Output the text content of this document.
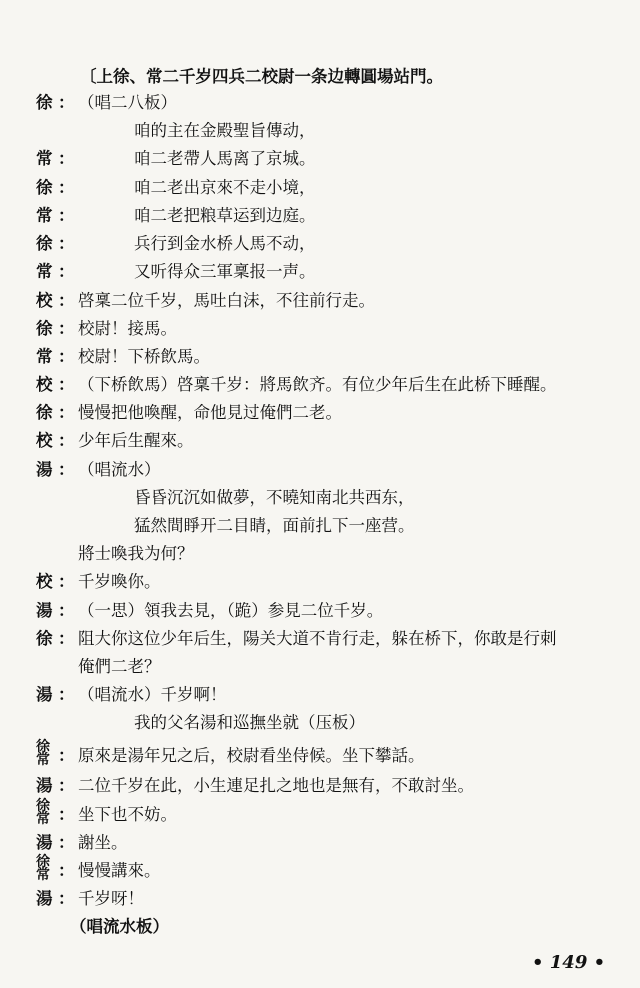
〔上徐、常二千岁四兵二校尉一条边轉圓場站門。
徐 ： （唱二八板）
咱的主在金殿聖旨傳动，
常 ：	咱二老帶人馬离了京城。
徐 ：	咱二老出京來不走小境，
常 ：	咱二老把粮草运到边庭。
徐 ：	兵行到金水桥人馬不动，
常 ：	又听得众三軍稟报一声。
校 ： 啓稟二位千岁，馬吐白沫，不往前行走。
徐 ： 校尉！接馬。
常 ： 校尉！下桥飲馬。
校 ： （下桥飲馬）啓稟千岁：將馬飲齐。有位少年后生在此桥下睡醒。
徐 ： 慢慢把他喚醒，命他見过俺們二老。
校 ： 少年后生醒來。
湯 ： （唱流水）
昏昏沉沉如做夢，不曉知南北共西东，
猛然間睜开二目睛，面前扎下一座营。
將士喚我为何？
校 ： 千岁喚你。
湯 ： （一思）領我去見，（跪）参見二位千岁。
徐 ： 阻大你这位少年后生，陽关大道不肯行走，躲在桥下，你敢是行刺
俺們二老？
湯 ： （唱流水）千岁啊！
我的父名湯和巡撫坐就（压板）
徐
常 ： 原來是湯年兄之后，校尉看坐侍候。坐下攀話。
湯 ： 二位千岁在此，小生連足扎之地也是無有，不敢討坐。
徐
常 ： 坐下也不妨。
湯 ： 謝坐。
徐
常 ： 慢慢講來。
湯 ： 千岁呀！
（唱流水板）
• 149 •
